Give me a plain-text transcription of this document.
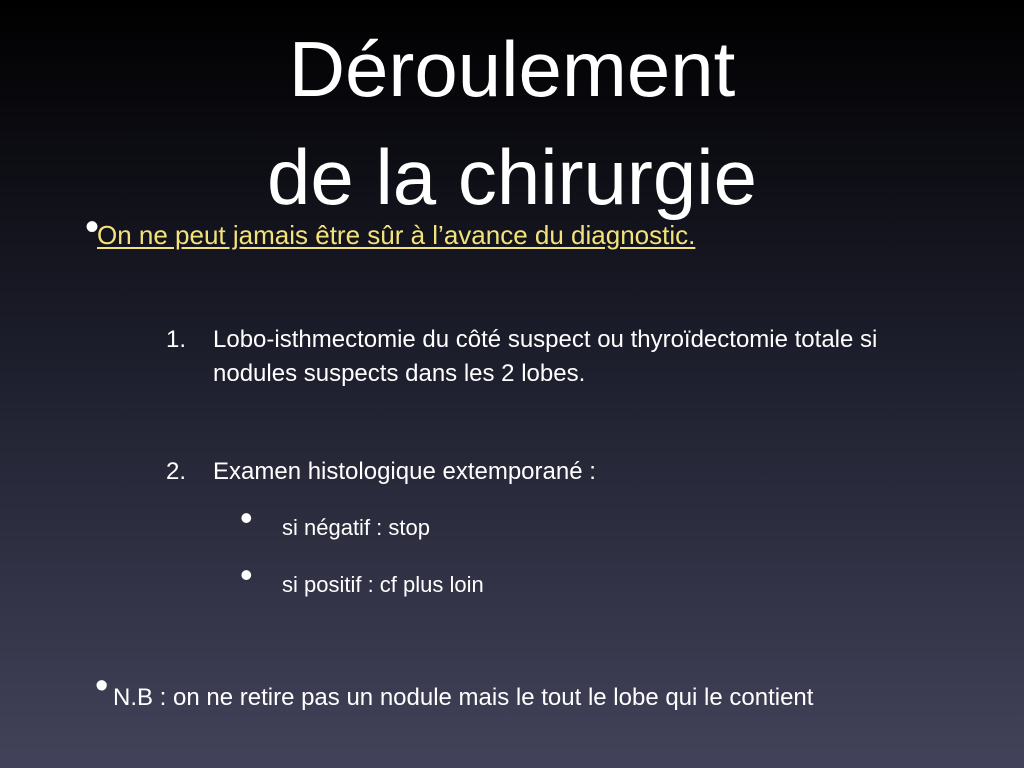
Déroulement
de la chirurgie

•
On ne peut jamais être sûr à l’avance du diagnostic.

1. Lobo-isthmectomie du côté suspect ou thyroïdectomie totale si nodules suspects dans les 2 lobes.
2. Examen histologique extemporané :
• si négatif : stop
• si positif : cf plus loin

• N.B : on ne retire pas un nodule mais le tout le lobe qui le contient
